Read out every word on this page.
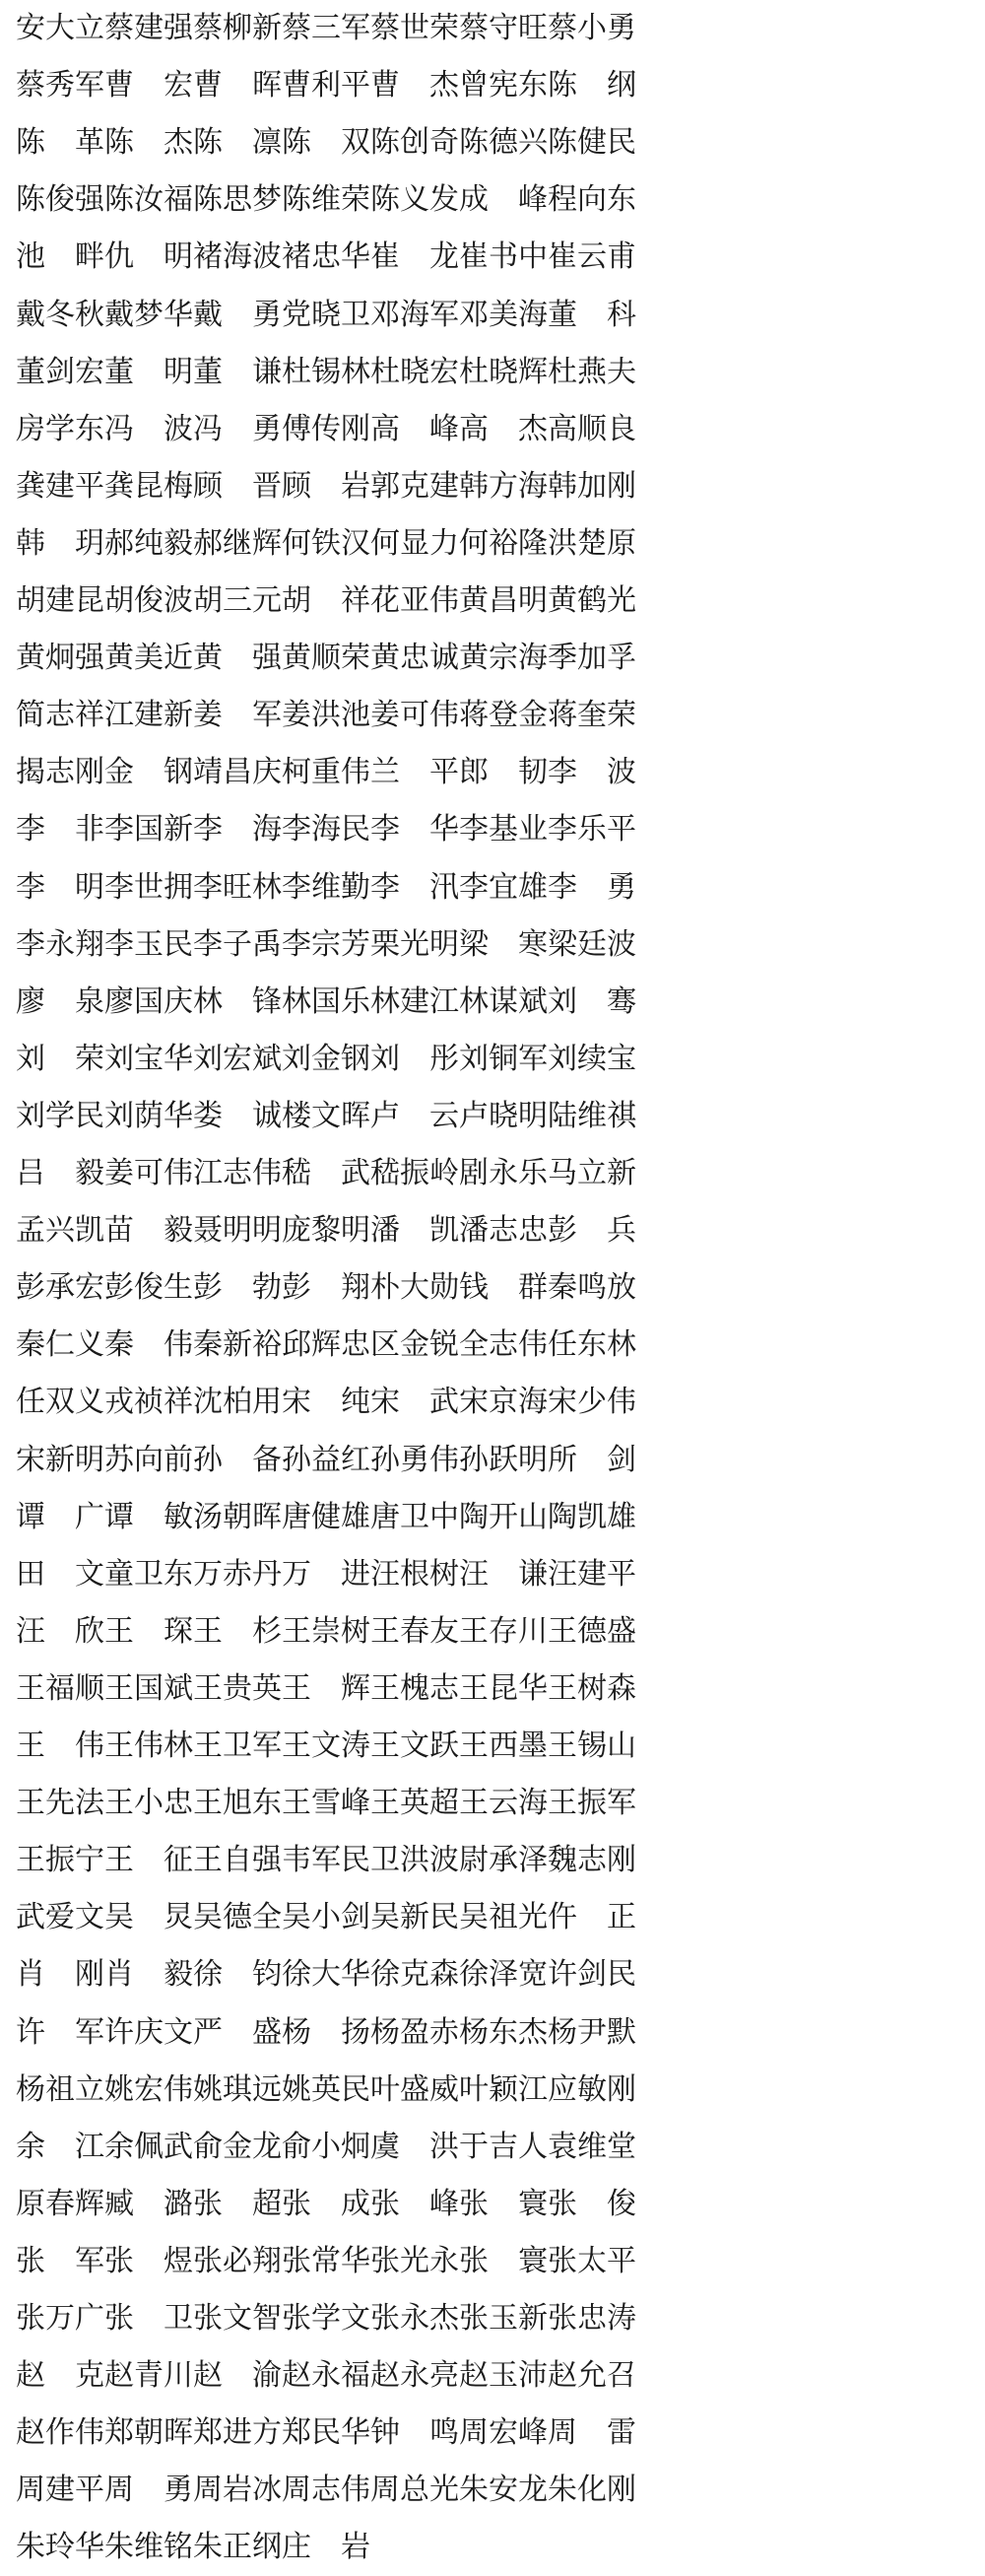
安 大 立 蔡 建 强 蔡 柳 新 蔡 三 军 蔡 世 荣 蔡 守 旺 蔡 小 勇
蔡 秀 军 曹 宏 曹 晖 曹 利 平 曹 杰 曾 宪 东 陈 纲
陈 革 陈 杰 陈 凛 陈 双 陈 创 奇 陈 德 兴 陈 健 民
陈 俊 强 陈 汝 福 陈 思 梦 陈 维 荣 陈 义 发 成 峰 程 向 东
池 畔 仇 明 褚 海 波 褚 忠 华 崔 龙 崔 书 中 崔 云 甫
戴 冬 秋 戴 梦 华 戴 勇 党 晓 卫 邓 海 军 邓 美 海 董 科
董 剑 宏 董 明 董 谦 杜 锡 林 杜 晓 宏 杜 晓 辉 杜 燕 夫
房 学 东 冯 波 冯 勇 傅 传 刚 高 峰 高 杰 高 顺 良
龚 建 平 龚 昆 梅 顾 晋 顾 岩 郭 克 建 韩 方 海 韩 加 刚
韩 玥 郝 纯 毅 郝 继 辉 何 铁 汉 何 显 力 何 裕 隆 洪 楚 原
胡 建 昆 胡 俊 波 胡 三 元 胡 祥 花 亚 伟 黄 昌 明 黄 鹤 光
黄 炯 强 黄 美 近 黄 强 黄 顺 荣 黄 忠 诚 黄 宗 海 季 加 孚
简 志 祥 江 建 新 姜 军 姜 洪 池 姜 可 伟 蒋 登 金 蒋 奎 荣
揭 志 刚 金 钢 靖 昌 庆 柯 重 伟 兰 平 郎 韧 李 波
李 非 李 国 新 李 海 李 海 民 李 华 李 基 业 李 乐 平
李 明 李 世 拥 李 旺 林 李 维 勤 李 汛 李 宜 雄 李 勇
李 永 翔 李 玉 民 李 子 禹 李 宗 芳 栗 光 明 梁 寒 梁 廷 波
廖 泉 廖 国 庆 林 锋 林 国 乐 林 建 江 林 谋 斌 刘 骞
刘 荣 刘 宝 华 刘 宏 斌 刘 金 钢 刘 彤 刘 铜 军 刘 续 宝
刘 学 民 刘 荫 华 娄 诚 楼 文 晖 卢 云 卢 晓 明 陆 维 祺
吕 毅 姜 可 伟 江 志 伟 嵇 武 嵇 振 岭 剧 永 乐 马 立 新
孟 兴 凯 苗 毅 聂 明 明 庞 黎 明 潘 凯 潘 志 忠 彭 兵
彭 承 宏 彭 俊 生 彭 勃 彭 翔 朴 大 勋 钱 群 秦 鸣 放
秦 仁 义 秦 伟 秦 新 裕 邱 辉 忠 区 金 锐 全 志 伟 任 东 林
任 双 义 戎 祯 祥 沈 柏 用 宋 纯 宋 武 宋 京 海 宋 少 伟
宋 新 明 苏 向 前 孙 备 孙 益 红 孙 勇 伟 孙 跃 明 所 剑
谭 广 谭 敏 汤 朝 晖 唐 健 雄 唐 卫 中 陶 开 山 陶 凯 雄
田 文 童 卫 东 万 赤 丹 万 进 汪 根 树 汪 谦 汪 建 平
汪 欣 王 琛 王 杉 王 崇 树 王 春 友 王 存 川 王 德 盛
王 福 顺 王 国 斌 王 贵 英 王 辉 王 槐 志 王 昆 华 王 树 森
王 伟 王 伟 林 王 卫 军 王 文 涛 王 文 跃 王 西 墨 王 锡 山
王 先 法 王 小 忠 王 旭 东 王 雪 峰 王 英 超 王 云 海 王 振 军
王 振 宁 王 征 王 自 强 韦 军 民 卫 洪 波 尉 承 泽 魏 志 刚
武 爱 文 吴 炅 吴 德 全 吴 小 剑 吴 新 民 吴 祖 光 仵 正
肖 刚 肖 毅 徐 钧 徐 大 华 徐 克 森 徐 泽 宽 许 剑 民
许 军 许 庆 文 严 盛 杨 扬 杨 盈 赤 杨 东 杰 杨 尹 默
杨 祖 立 姚 宏 伟 姚 琪 远 姚 英 民 叶 盛 威 叶 颖 江 应 敏 刚
余 江 余 佩 武 俞 金 龙 俞 小 炯 虞 洪 于 吉 人 袁 维 堂
原 春 辉 臧 潞 张 超 张 成 张 峰 张 寰 张 俊
张 军 张 煜 张 必 翔 张 常 华 张 光 永 张 寰 张 太 平
张 万 广 张 卫 张 文 智 张 学 文 张 永 杰 张 玉 新 张 忠 涛
赵 克 赵 青 川 赵 渝 赵 永 福 赵 永 亮 赵 玉 沛 赵 允 召
赵 作 伟 郑 朝 晖 郑 进 方 郑 民 华 钟 鸣 周 宏 峰 周 雷
周 建 平 周 勇 周 岩 冰 周 志 伟 周 总 光 朱 安 龙 朱 化 刚
朱 玲 华 朱 维 铭 朱 正 纲 庄 岩
